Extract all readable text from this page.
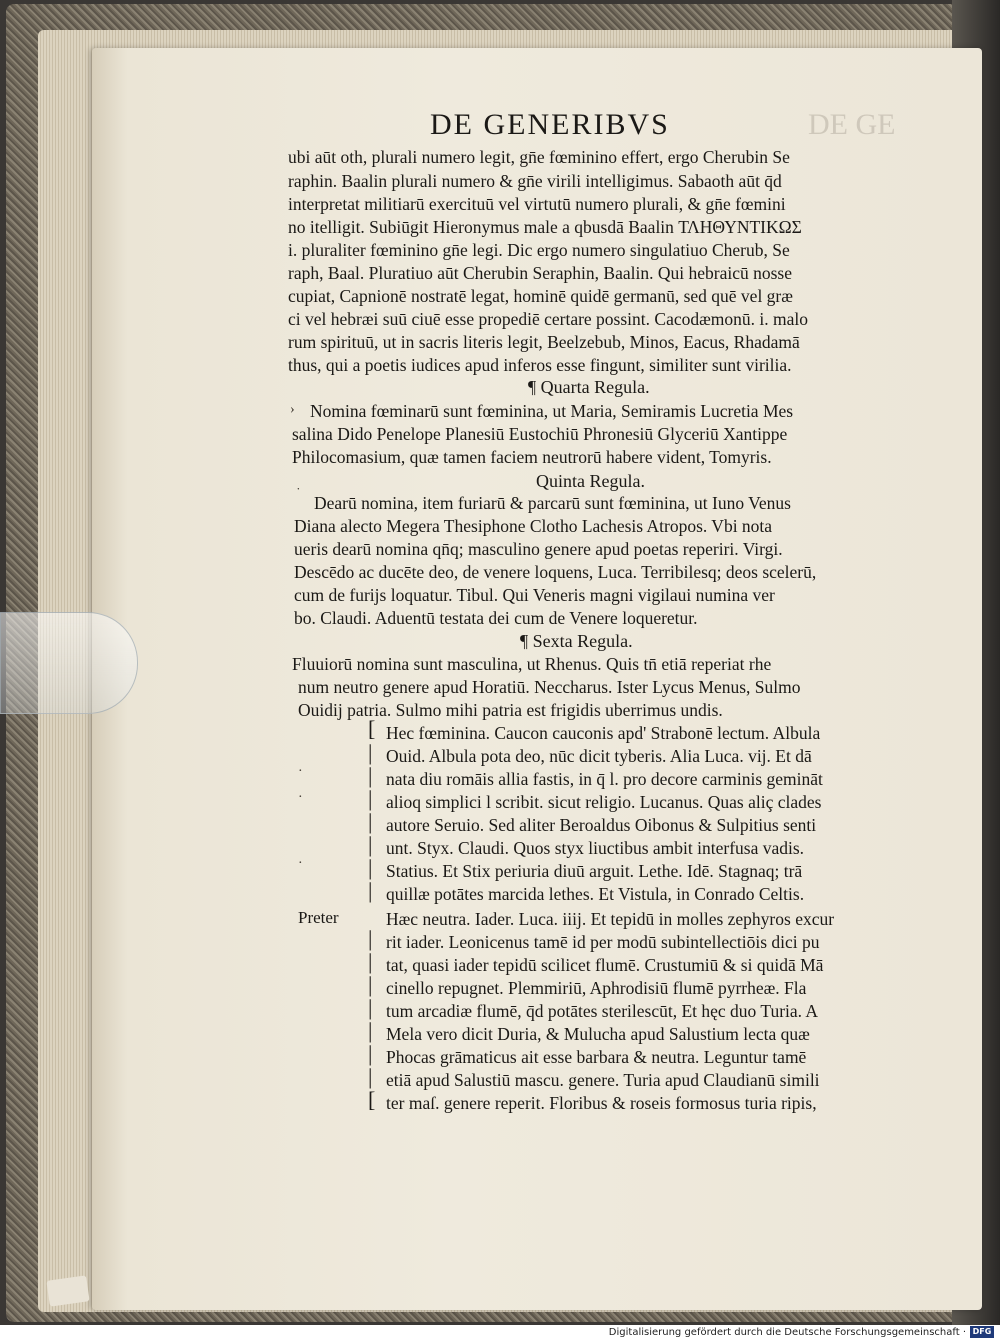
DE GENERIBVS	DE GE

ubi aūt oth, plurali numero legit, gn̄e fœminino effert, ergo Cherubin Se

raphin. Baalin plurali numero & gn̄e virili intelligimus. Sabaoth aūt q̄d

interpretat militiarū exercituū vel virtutū numero plurali, & gn̄e fœmini

no itelligit. Subiūgit Hieronymus male a qbusdā Baalin ΤΛΗΘΥΝΤΙΚΩΣ

i. pluraliter fœminino gn̄e legi. Dic ergo numero singulatiuo Cherub, Se

raph, Baal. Pluratiuo aūt Cherubin Seraphin, Baalin. Qui hebraicū nosse

cupiat, Capnionē nostratē legat, hominē quidē germanū, sed quē vel græ

ci vel hebræi suū ciuē esse propediē certare possint. Cacodæmonū. i. malo

rum spirituū, ut in sacris literis legit, Beelzebub, Minos, Eacus, Rhadamā

thus, qui a poetis iudices apud inferos esse fingunt, similiter sunt virilia.

¶ Quarta Regula.

Nomina fœminarū sunt fœminina, ut Maria, Semiramis Lucretia Mes

salina Dido Penelope Planesiū Eustochiū Phronesiū Glyceriū Xantippe

Philocomasium, quæ tamen faciem neutrorū habere vident, Tomyris.

Quinta Regula.

Dearū nomina, item furiarū & parcarū sunt fœminina, ut Iuno Venus

Diana alecto Megera Thesiphone Clotho Lachesis Atropos. Vbi nota

ueris dearū nomina qn̄q; masculino genere apud poetas reperiri. Virgi.

Descēdo ac ducēte deo, de venere loquens, Luca. Terribilesq; deos scelerū,

cum de furijs loquatur. Tibul. Qui Veneris magni vigilaui numina ver

bo. Claudi. Aduentū testata dei cum de Venere loqueretur.

¶ Sexta Regula.

Fluuiorū nomina sunt masculina, ut Rhenus. Quis tn̄ etiā reperiat rhe

num neutro genere apud Horatiū. Neccharus. Ister Lycus Menus, Sulmo

Ouidij patria. Sulmo mihi patria est frigidis uberrimus undis.

Hec fœminina. Caucon cauconis apd' Strabonē lectum. Albula

Ouid. Albula pota deo, nūc dicit tyberis. Alia Luca. vij. Et dā

nata diu romāis allia fastis, in q̄ l. pro decore carminis gemināt

alioq simplici l scribit. sicut religio. Lucanus. Quas aliç clades

autore Seruio. Sed aliter Beroaldus Oibonus & Sulpitius senti

unt. Styx. Claudi. Quos styx liuctibus ambit interfusa vadis.

Statius. Et Stix periuria diuū arguit. Lethe. Idē. Stagnaq; trā

quillæ potātes marcida lethes. Et Vistula, in Conrado Celtis.

Hæc neutra. Iader. Luca. iiij. Et tepidū in molles zephyros excur

rit iader. Leonicenus tamē id per modū subintellectiōis dici pu

tat, quasi iader tepidū scilicet flumē. Crustumiū & si quidā Mā

cinello repugnet. Plemmiriū, Aphrodisiū flumē pyrrheæ. Fla

tum arcadiæ flumē, q̄d potātes sterilescūt, Et hęc duo Turia. A

Mela vero dicit Duria, & Mulucha apud Salustium lecta quæ

Phocas grāmaticus ait esse barbara & neutra. Leguntur tamē

etiā apud Salustiū mascu. genere. Turia apud Claudianū simili

ter maſ. genere reperit. Floribus & roseis formosus turia ripis,

Preter

[
|
|
|
|
|
|
|
|
|
|
|
|
|
|
[
›
˙
·
·
·
Digitalisierung gefördert durch die Deutsche Forschungsgemeinschaft · DFG
